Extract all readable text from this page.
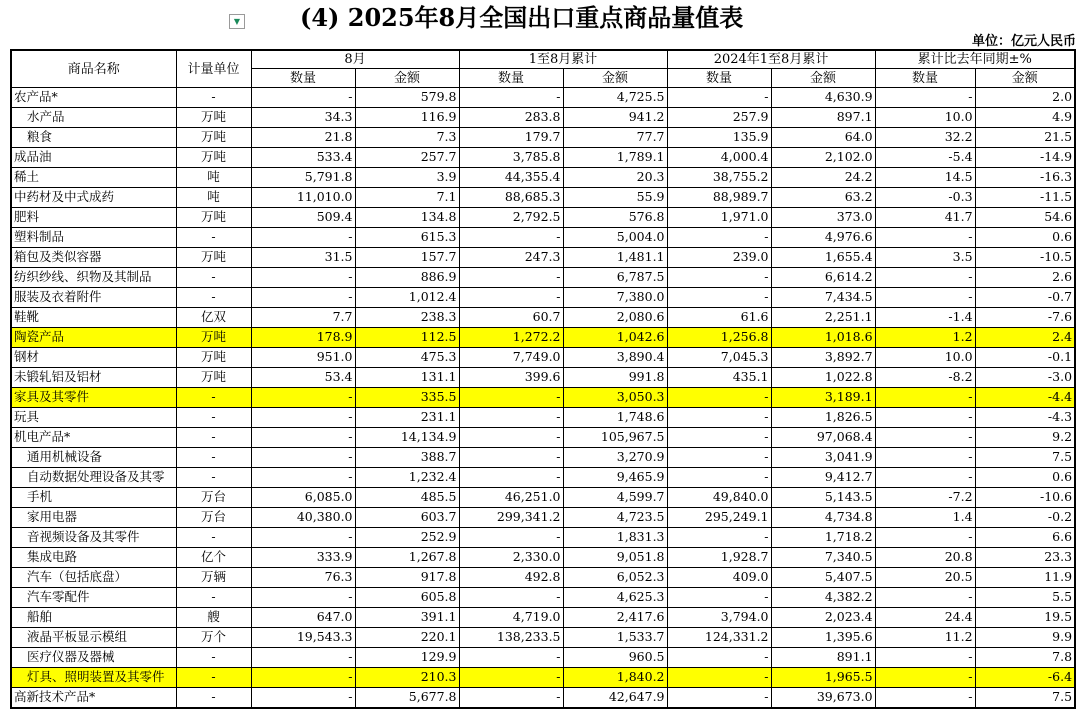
▼ (4) 2025年8月全国出口重点商品量值表
单位：亿元人民币
商品名称	计量单位	8月		1至8月累计		2024年1至8月累计		累计比去年同期±%	
		数量	金额	数量	金额	数量	金额	数量	金额
农产品*	-	-	579.8	-	4,725.5	-	4,630.9	-	2.0
水产品	万吨	34.3	116.9	283.8	941.2	257.9	897.1	10.0	4.9
粮食	万吨	21.8	7.3	179.7	77.7	135.9	64.0	32.2	21.5
成品油	万吨	533.4	257.7	3,785.8	1,789.1	4,000.4	2,102.0	-5.4	-14.9
稀土	吨	5,791.8	3.9	44,355.4	20.3	38,755.2	24.2	14.5	-16.3
中药材及中式成药	吨	11,010.0	7.1	88,685.3	55.9	88,989.7	63.2	-0.3	-11.5
肥料	万吨	509.4	134.8	2,792.5	576.8	1,971.0	373.0	41.7	54.6
塑料制品	-	-	615.3	-	5,004.0	-	4,976.6	-	0.6
箱包及类似容器	万吨	31.5	157.7	247.3	1,481.1	239.0	1,655.4	3.5	-10.5
纺织纱线、织物及其制品	-	-	886.9	-	6,787.5	-	6,614.2	-	2.6
服装及衣着附件	-	-	1,012.4	-	7,380.0	-	7,434.5	-	-0.7
鞋靴	亿双	7.7	238.3	60.7	2,080.6	61.6	2,251.1	-1.4	-7.6
陶瓷产品	万吨	178.9	112.5	1,272.2	1,042.6	1,256.8	1,018.6	1.2	2.4
钢材	万吨	951.0	475.3	7,749.0	3,890.4	7,045.3	3,892.7	10.0	-0.1
未锻轧铝及铝材	万吨	53.4	131.1	399.6	991.8	435.1	1,022.8	-8.2	-3.0
家具及其零件	-	-	335.5	-	3,050.3	-	3,189.1	-	-4.4
玩具	-	-	231.1	-	1,748.6	-	1,826.5	-	-4.3
机电产品*	-	-	14,134.9	-	105,967.5	-	97,068.4	-	9.2
通用机械设备	-	-	388.7	-	3,270.9	-	3,041.9	-	7.5
自动数据处理设备及其零	-	-	1,232.4	-	9,465.9	-	9,412.7	-	0.6
手机	万台	6,085.0	485.5	46,251.0	4,599.7	49,840.0	5,143.5	-7.2	-10.6
家用电器	万台	40,380.0	603.7	299,341.2	4,723.5	295,249.1	4,734.8	1.4	-0.2
音视频设备及其零件	-	-	252.9	-	1,831.3	-	1,718.2	-	6.6
集成电路	亿个	333.9	1,267.8	2,330.0	9,051.8	1,928.7	7,340.5	20.8	23.3
汽车（包括底盘）	万辆	76.3	917.8	492.8	6,052.3	409.0	5,407.5	20.5	11.9
汽车零配件	-	-	605.8	-	4,625.3	-	4,382.2	-	5.5
船舶	艘	647.0	391.1	4,719.0	2,417.6	3,794.0	2,023.4	24.4	19.5
液晶平板显示模组	万个	19,543.3	220.1	138,233.5	1,533.7	124,331.2	1,395.6	11.2	9.9
医疗仪器及器械	-	-	129.9	-	960.5	-	891.1	-	7.8
灯具、照明装置及其零件	-	-	210.3	-	1,840.2	-	1,965.5	-	-6.4
高新技术产品*	-	-	5,677.8	-	42,647.9	-	39,673.0	-	7.5
